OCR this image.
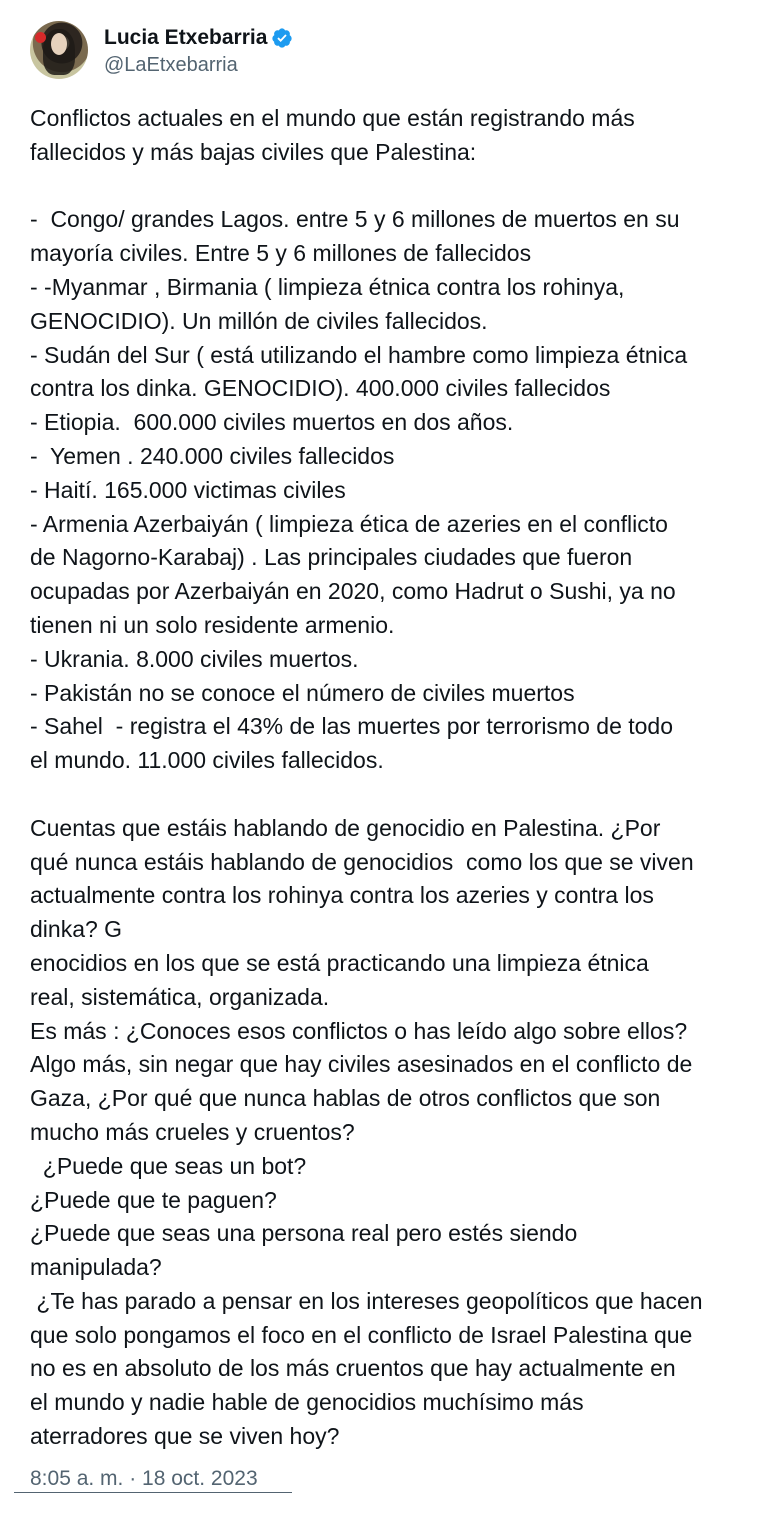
Lucia Etxebarria
@LaEtxebarria
Conflictos actuales en el mundo que están registrando más
fallecidos y más bajas civiles que Palestina:

-  Congo/ grandes Lagos. entre 5 y 6 millones de muertos en su
mayoría civiles. Entre 5 y 6 millones de fallecidos
- -Myanmar , Birmania ( limpieza étnica contra los rohinya,
GENOCIDIO). Un millón de civiles fallecidos.
- Sudán del Sur ( está utilizando el hambre como limpieza étnica
contra los dinka. GENOCIDIO). 400.000 civiles fallecidos
- Etiopia.  600.000 civiles muertos en dos años.
-  Yemen . 240.000 civiles fallecidos
- Haití. 165.000 victimas civiles
- Armenia Azerbaiyán ( limpieza ética de azeries en el conflicto
de Nagorno-Karabaj) . Las principales ciudades que fueron
ocupadas por Azerbaiyán en 2020, como Hadrut o Sushi, ya no
tienen ni un solo residente armenio.
- Ukrania. 8.000 civiles muertos.
- Pakistán no se conoce el número de civiles muertos
- Sahel  - registra el 43% de las muertes por terrorismo de todo
el mundo. 11.000 civiles fallecidos.

Cuentas que estáis hablando de genocidio en Palestina. ¿Por
qué nunca estáis hablando de genocidios  como los que se viven
actualmente contra los rohinya contra los azeries y contra los
dinka? G
enocidios en los que se está practicando una limpieza étnica
real, sistemática, organizada.
Es más : ¿Conoces esos conflictos o has leído algo sobre ellos?
Algo más, sin negar que hay civiles asesinados en el conflicto de
Gaza, ¿Por qué que nunca hablas de otros conflictos que son
mucho más crueles y cruentos?
¿Puede que seas un bot?
¿Puede que te paguen?
¿Puede que seas una persona real pero estés siendo
manipulada?
¿Te has parado a pensar en los intereses geopolíticos que hacen
que solo pongamos el foco en el conflicto de Israel Palestina que
no es en absoluto de los más cruentos que hay actualmente en
el mundo y nadie hable de genocidios muchísimo más
aterradores que se viven hoy?
8:05 a. m. · 18 oct. 2023
